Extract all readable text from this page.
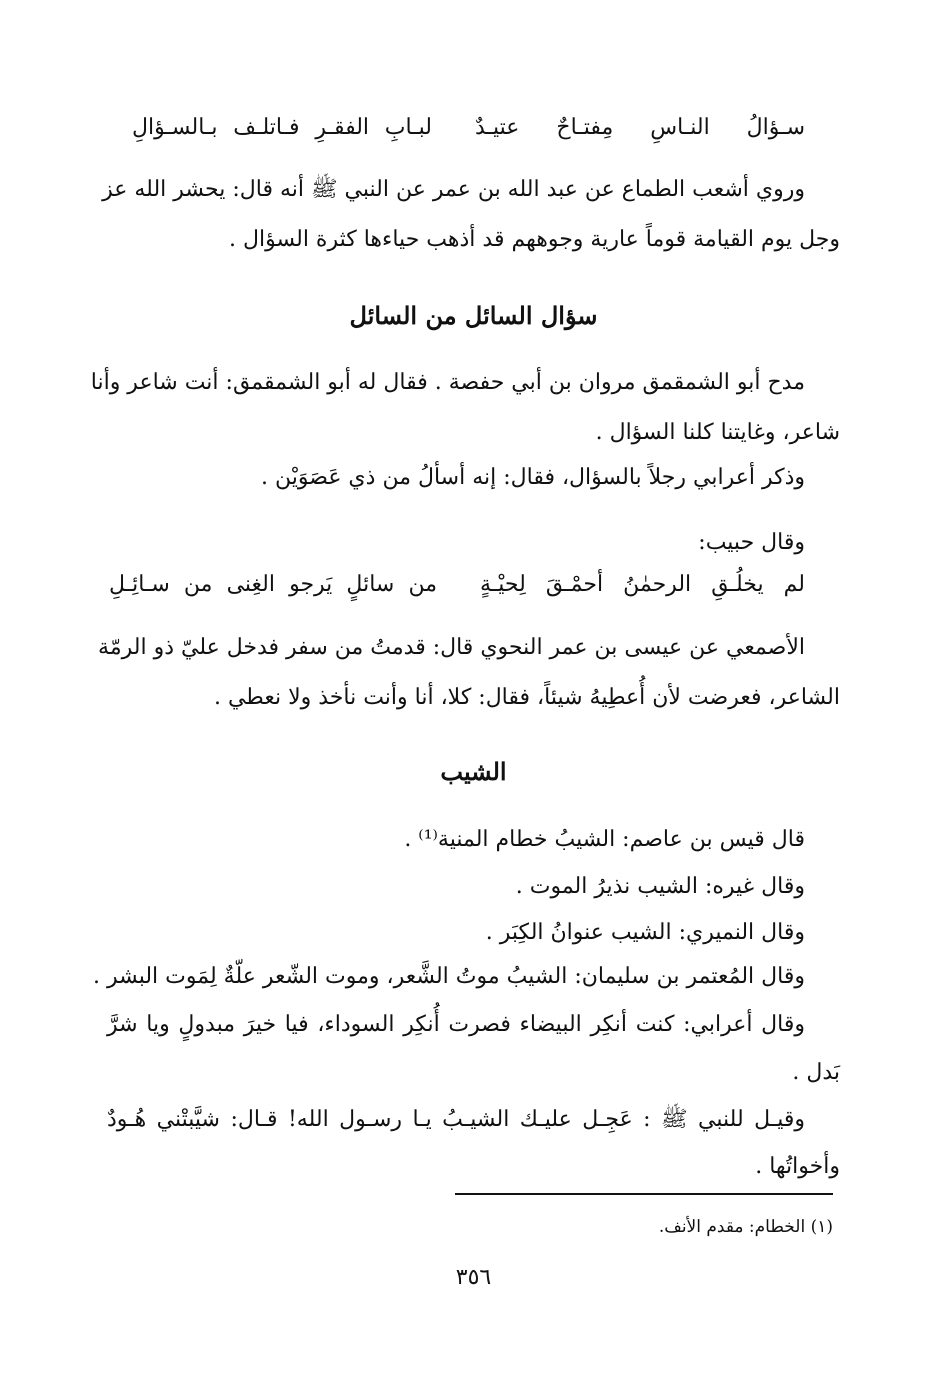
سـؤالُ النـاسِ مِفتـاحٌ عتيـدٌ
لبـابِ الفقـرِ فـاتلـف بـالسـؤالِ
وروي أشعب الطماع عن عبد الله بن عمر عن النبي ﷺ أنه قال: يحشر الله عز
وجل يوم القيامة قوماً عارية وجوههم قد أذهب حياءها كثرة السؤال .
سؤال السائل من السائل
مدح أبو الشمقمق مروان بن أبي حفصة . فقال له أبو الشمقمق: أنت شاعر وأنا
شاعر، وغايتنا كلنا السؤال .
وذكر أعرابي رجلاً بالسؤال، فقال: إنه أسألُ من ذي عَصَوَيْن .
وقال حبيب:
لم يخلُـقِ الرحمٰنُ أحمْـقَ لِحيْـةٍ
من سائلٍ يَرجو الغِنى من سـائِـلِ
الأصمعي عن عيسى بن عمر النحوي قال: قدمتُ من سفر فدخل عليّ ذو الرمّة
الشاعر، فعرضت لأن أُعطِيهُ شيئاً، فقال: كلا، أنا وأنت نأخذ ولا نعطي .
الشيب
قال قيس بن عاصم: الشيبُ خطام المنية⁽¹⁾ .
وقال غيره: الشيب نذيرُ الموت .
وقال النميري: الشيب عنوانُ الكِبَر .
وقال المُعتمر بن سليمان: الشيبُ موتُ الشَّعر، وموت الشّعر علّةٌ لِمَوت البشر .
وقال أعرابي: كنت أنكِر البيضاء فصرت أُنكِر السوداء، فيا خيرَ مبدولٍ ويا شرَّ
بَدل .
وقيـل للنبي ﷺ : عَجِـل عليـك الشيـبُ يـا رسـول الله! قـال: شيَّبتْني هُـودٌ
وأخواتُها .
(١) الخطام: مقدم الأنف.
٣٥٦
